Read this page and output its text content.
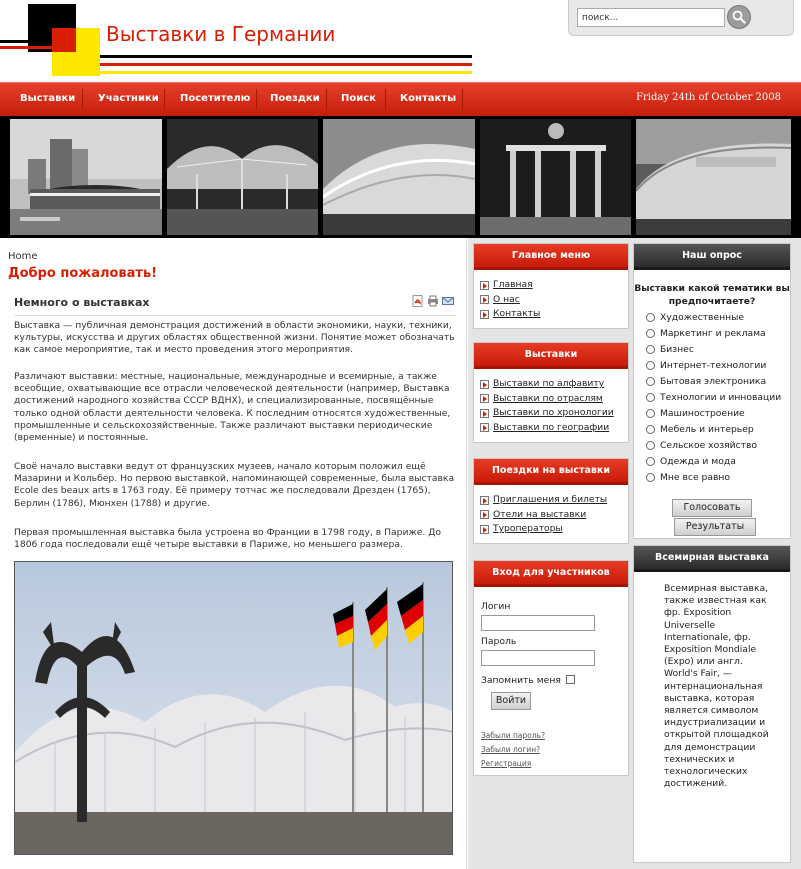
Выставки в Германии
поиск...
Выставки Участники Посетителю Поездки Поиск Контакты	Friday 24th of October 2008
Home
Добро пожаловать!
Немного о выставках

Выставка — публичная демонстрация достижений в области экономики, науки, техники, культуры, искусства и других областях общественной жизни. Понятие может обозначать как самое мероприятие, так и место проведения этого мероприятия.

Различают выставки: местные, национальные, международные и всемирные, а также всеобщие, охватывающие все отрасли человеческой деятельности (например, Выставка достижений народного хозяйства СССР ВДНХ), и специализированные, посвящённые только одной области деятельности человека. К последним относятся художественные, промышленные и сельскохозяйственные. Также различают выставки периодические (временные) и постоянные.

Своё начало выставки ведут от французских музеев, начало которым положил ещё Мазарини и Кольбер. Но первою выставкой, напоминающей современные, была выставка Ecole des beaux arts в 1763 году. Её примеру тотчас же последовали Дрезден (1765), Берлин (1786), Мюнхен (1788) и другие.

Первая промышленная выставка была устроена во Франции в 1798 году, в Париже. До 1806 года последовали ещё четыре выставки в Париже, но меньшего размера.

Главное меню
Главная
О нас
Контакты
Выставки
Выставки по алфавиту
Выставки по отраслям
Выставки по хронологии
Выставки по географии
Поездки на выставки
Приглашения и билеты
Отели на выставки
Туроператоры
Вход для участников
Логин
Пароль
Запомнить меня
Войти
Забыли пароль?
Забыли логин?
Регистрация
Наш опрос
Выставки какой тематики вы
предпочитаете?
Художественные
Маркетинг и реклама
Бизнес
Интернет-технологии
Бытовая электроника
Технологии и инновации
Машиностроение
Мебель и интерьер
Сельское хозяйство
Одежда и мода
Мне все равно
Голосовать
Результаты
Всемирная выставка

Всемирная выставка, также известная как фр. Exposition Universelle Internationale, фр. Exposition Mondiale (Expo) или англ. World's Fair, — интернациональная выставка, которая является символом индустриализации и открытой площадкой для демонстрации технических и технологических достижений.
